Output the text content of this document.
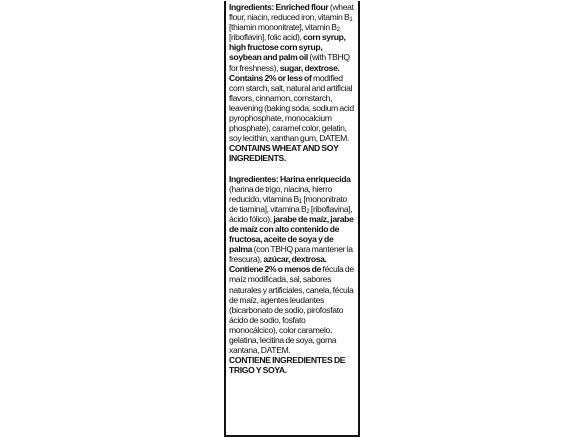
Ingredients: Enriched flour (wheat flour, niacin, reduced iron, vitamin $B_1$ [thiamin mononitrate], vitamin $B_2$ [riboflavin], folic acid), corn syrup, high fructose corn syrup, soybean and palm oil (with TBHQ for freshness), sugar, dextrose.

Contains 2% or less of modified corn starch, salt, natural and artificial flavors, cinnamon, cornstarch, leavening (baking soda, sodium acid pyrophosphate, monocalcium phosphate), caramel color, gelatin, soy lecithin, xanthan gum, DATEM.

CONTAINS WHEAT AND SOY INGREDIENTS.

Ingredientes: Harina enriquecida (harina de trigo, niacina, hierro reducido, vitamina $B_1$ [mononitrato de tiamina], vitamina $B_2$ [riboflavina], ácido fólico), jarabe de maíz, jarabe de maíz con alto contenido de fructosa, aceite de soya y de palma (con TBHQ para mantener la frescura), azúcar, dextrosa.

Contiene 2% o menos de fécula de maíz modificada, sal, sabores naturales y artificiales, canela, fécula de maíz, agentes leudantes (bicarbonato de sodio, pirofosfato ácido de sodio, fosfato monocálcico), color caramelo, gelatina, lecitina de soya, goma xantana, DATEM.

CONTIENE INGREDIENTES DE TRIGO Y SOYA.
